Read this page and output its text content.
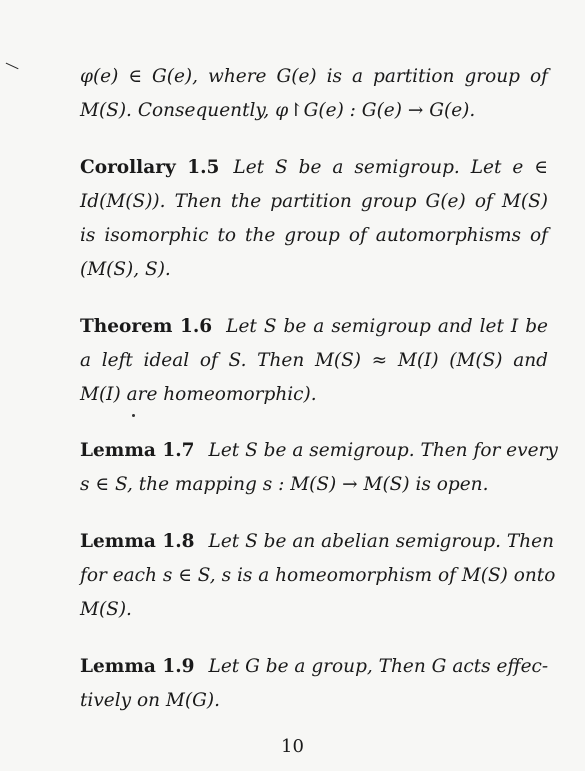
—
φ(e) ∈ G(e), where G(e) is a partition group of
M(S). Consequently, φ↾G(e) : G(e) → G(e).
Corollary 1.5 Let S be a semigroup. Let e ∈
Id(M(S)). Then the partition group G(e) of M(S)
is isomorphic to the group of automorphisms of
(M(S), S).
Theorem 1.6 Let S be a semigroup and let I be
a left ideal of S. Then M(S) ≈ M(I) (M(S) and
M(I) are homeomorphic).
Lemma 1.7 Let S be a semigroup. Then for every
s ∈ S, the mapping s : M(S) → M(S) is open.
Lemma 1.8 Let S be an abelian semigroup. Then
for each s ∈ S, s is a homeomorphism of M(S) onto
M(S).
Lemma 1.9 Let G be a group, Then G acts effec-
tively on M(G).
10
